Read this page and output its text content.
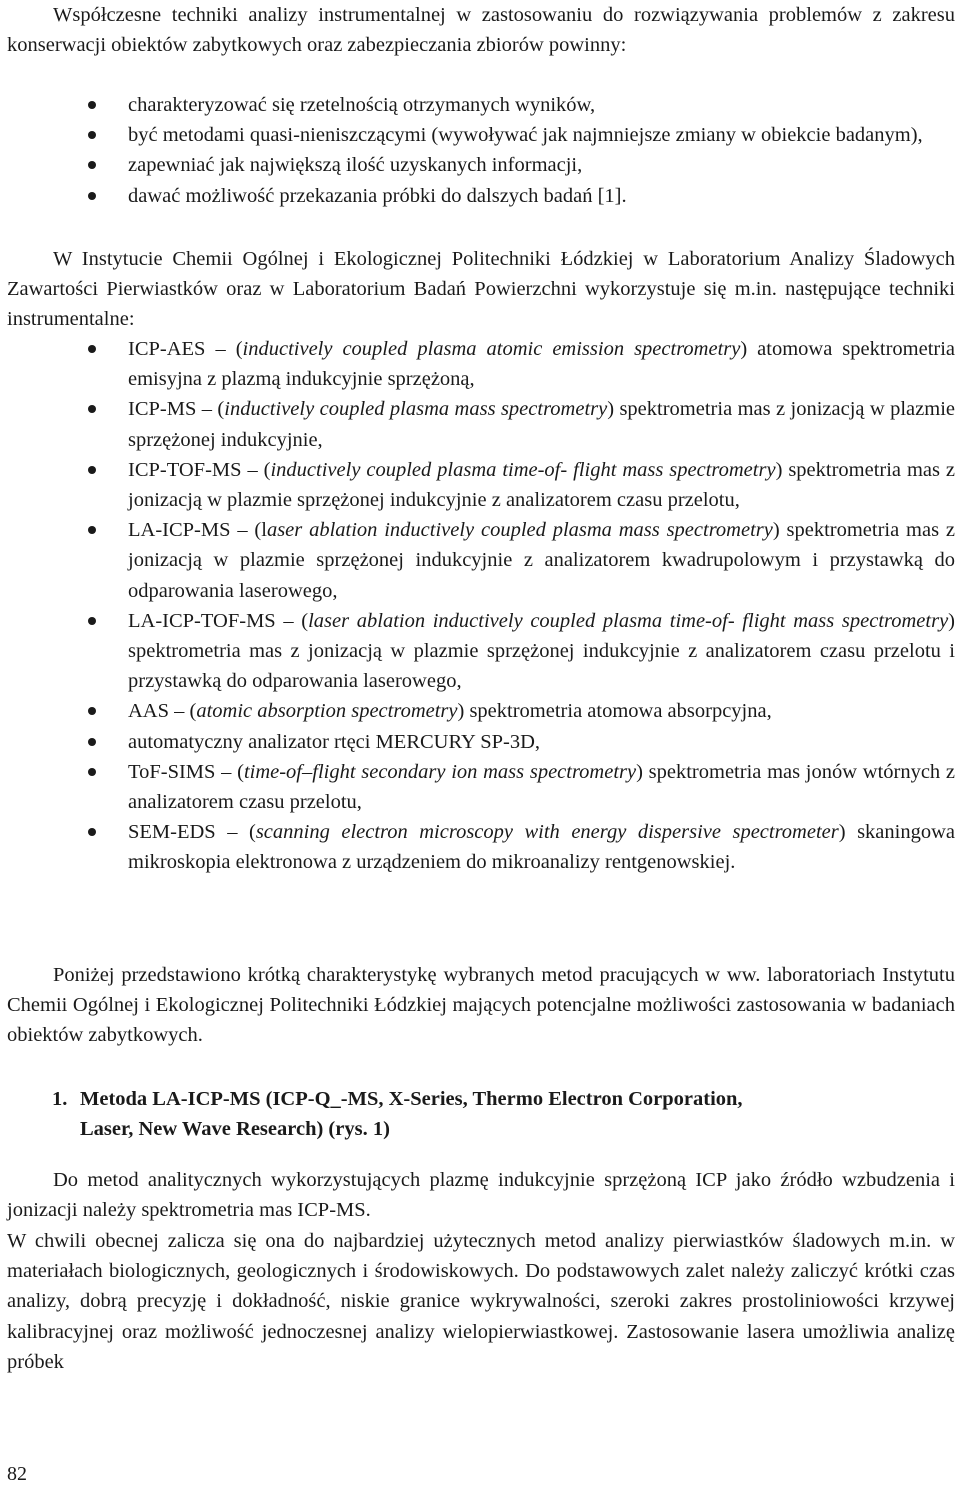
Współczesne techniki analizy instrumentalnej w zastosowaniu do rozwiązywania problemów z zakresu konserwacji obiektów zabytkowych oraz zabezpieczania zbiorów powinny:

charakteryzować się rzetelnością otrzymanych wyników,
być metodami quasi-nieniszczącymi (wywoływać jak najmniejsze zmiany w obiekcie badanym),
zapewniać jak największą ilość uzyskanych informacji,
dawać możliwość przekazania próbki do dalszych badań [1].

W Instytucie Chemii Ogólnej i Ekologicznej Politechniki Łódzkiej w Laboratorium Analizy Śladowych Zawartości Pierwiastków oraz w Laboratorium Badań Powierzchni wykorzystuje się m.in. następujące techniki instrumentalne:

ICP-AES – (inductively coupled plasma atomic emission spectrometry) atomowa spektrometria emisyjna z plazmą indukcyjnie sprzężoną,
ICP-MS – (inductively coupled plasma mass spectrometry) spektrometria mas z jonizacją w plazmie sprzężonej indukcyjnie,
ICP-TOF-MS – (inductively coupled plasma time-of- flight mass spectrometry) spektrometria mas z jonizacją w plazmie sprzężonej indukcyjnie z analizatorem czasu przelotu,
LA-ICP-MS – (laser ablation inductively coupled plasma mass spectrometry) spektrometria mas z jonizacją w plazmie sprzężonej indukcyjnie z analizatorem kwadrupolowym i przystawką do odparowania laserowego,
LA-ICP-TOF-MS – (laser ablation inductively coupled plasma time-of- flight mass spectrometry) spektrometria mas z jonizacją w plazmie sprzężonej indukcyjnie z analizatorem czasu przelotu i przystawką do odparowania laserowego,
AAS – (atomic absorption spectrometry) spektrometria atomowa absorpcyjna,
automatyczny analizator rtęci MERCURY SP-3D,
ToF-SIMS – (time-of–flight secondary ion mass spectrometry) spektrometria mas jonów wtórnych z analizatorem czasu przelotu,
SEM-EDS – (scanning electron microscopy with energy dispersive spectrometer) skaningowa mikroskopia elektronowa z urządzeniem do mikroanalizy rentgenowskiej.

Poniżej przedstawiono krótką charakterystykę wybranych metod pracujących w ww. laboratoriach Instytutu Chemii Ogólnej i Ekologicznej Politechniki Łódzkiej mających potencjalne możliwości zastosowania w badaniach obiektów zabytkowych.

1. Metoda LA-ICP-MS (ICP-Q_-MS, X-Series, Thermo Electron Corporation,
Laser, New Wave Research) (rys. 1)

Do metod analitycznych wykorzystujących plazmę indukcyjnie sprzężoną ICP jako źródło wzbudzenia i jonizacji należy spektrometria mas ICP-MS.

W chwili obecnej zalicza się ona do najbardziej użytecznych metod analizy pierwiastków śladowych m.in. w materiałach biologicznych, geologicznych i środowiskowych. Do podstawowych zalet należy zaliczyć krótki czas analizy, dobrą precyzję i dokładność, niskie granice wykrywalności, szeroki zakres prostoliniowości krzywej kalibracyjnej oraz możliwość jednoczesnej analizy wielopierwiastkowej. Zastosowanie lasera umożliwia analizę próbek

82
